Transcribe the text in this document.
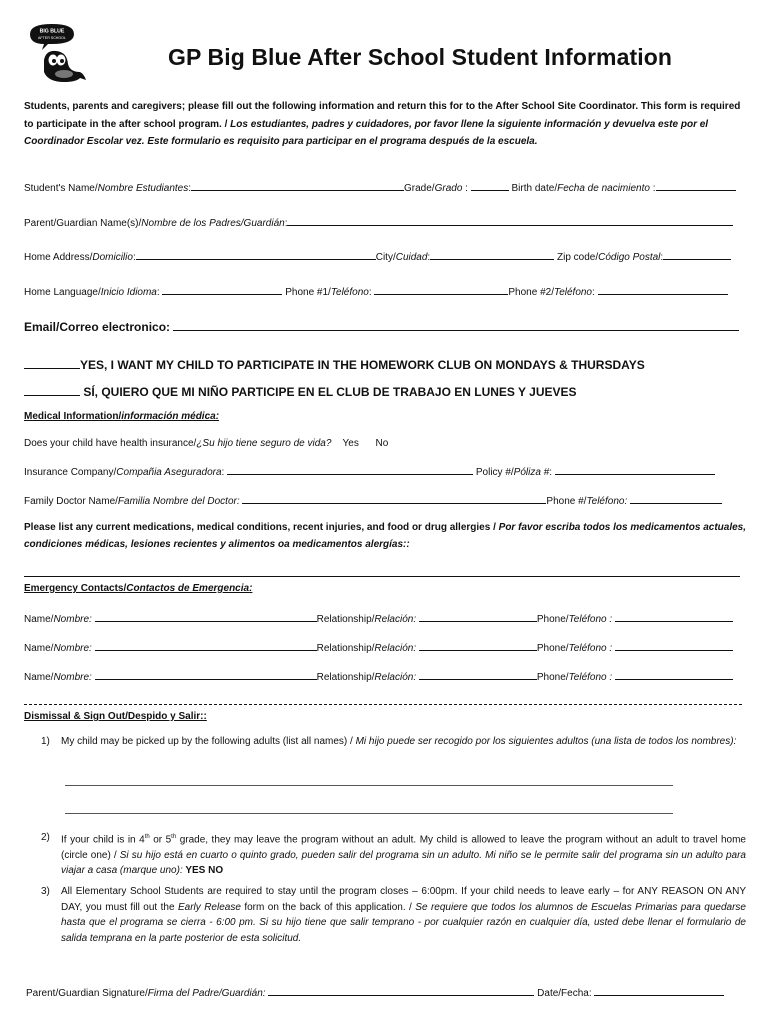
BIG BLUE
AFTER SCHOOL
GP Big Blue After School Student Information
Students, parents and caregivers; please fill out the following information and return this for to the After School Site Coordinator. This form is required to participate in the after school program. / Los estudiantes, padres y cuidadores, por favor llene la siguiente información y devuelva este por el Coordinador Escolar vez. Este formulario es requisito para participar en el programa después de la escuela.
Student's Name/Nombre Estudiantes:	Grade/Grado :	Birth date/Fecha de nacimiento :
Parent/Guardian Name(s)/Nombre de los Padres/Guardián:
Home Address/Domicilio:	City/Cuidad:	Zip code/Código Postal:
Home Language/Inicio Idioma:	Phone #1/Teléfono:	Phone #2/Teléfono:
Email/Correo electronico:
YES, I WANT MY CHILD TO PARTICIPATE IN THE HOMEWORK CLUB ON MONDAYS & THURSDAYS
SÍ, QUIERO QUE MI NIÑO PARTICIPE EN EL CLUB DE TRABAJO EN LUNES Y JUEVES
Medical Information/información médica:
Does your child have health insurance/¿Su hijo tiene seguro de vida? Yes No
Insurance Company/Compañia Aseguradora:	Policy #/Póliza #:
Family Doctor Name/Familia Nombre del Doctor:	Phone #/Teléfono:
Please list any current medications, medical conditions, recent injuries, and food or drug allergies / Por favor escriba todos los medicamentos actuales, condiciones médicas, lesiones recientes y alimentos oa medicamentos alergías::
Emergency Contacts/Contactos de Emergencia:
Name/Nombre:	Relationship/Relación:	Phone/Teléfono :
Name/Nombre:	Relationship/Relación:	Phone/Teléfono :
Name/Nombre:	Relationship/Relación:	Phone/Teléfono :
Dismissal & Sign Out/Despido y Salir::
1) My child may be picked up by the following adults (list all names) / Mi hijo puede ser recogido por los siguientes adultos (una lista de todos los nombres):
2) If your child is in 4th or 5th grade, they may leave the program without an adult. My child is allowed to leave the program without an adult to travel home (circle one) / Si su hijo está en cuarto o quinto grado, pueden salir del programa sin un adulto. Mi niño se le permite salir del programa sin un adulto para viajar a casa (marque uno): YES NO
3) All Elementary School Students are required to stay until the program closes – 6:00pm. If your child needs to leave early – for ANY REASON ON ANY DAY, you must fill out the Early Release form on the back of this application. / Se requiere que todos los alumnos de Escuelas Primarias para quedarse hasta que el programa se cierra - 6:00 pm. Si su hijo tiene que salir temprano - por cualquier razón en cualquier día, usted debe llenar el formulario de salida temprana en la parte posterior de esta solicitud.
Parent/Guardian Signature/Firma del Padre/Guardián:	Date/Fecha:
